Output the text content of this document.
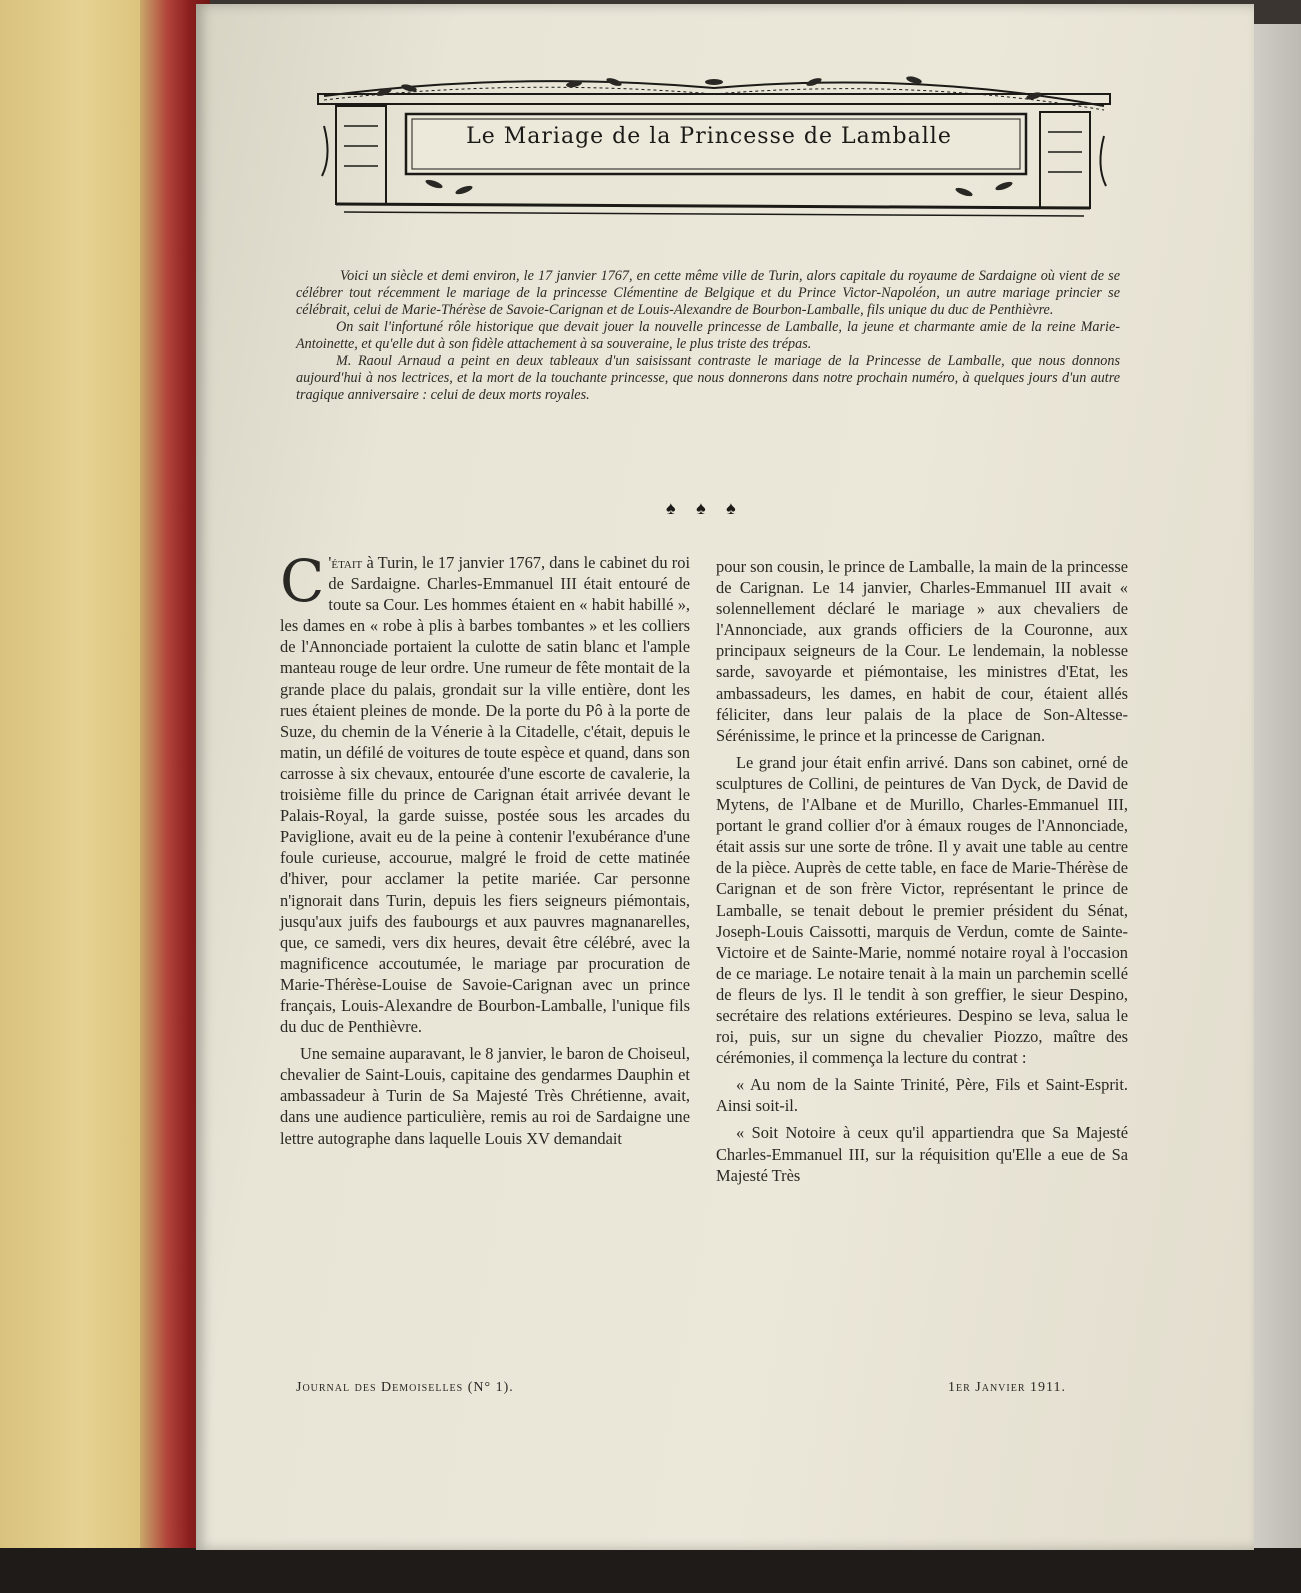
Le Mariage de la Princesse de Lamballe

Voici un siècle et demi environ, le 17 janvier 1767, en cette même ville de Turin, alors capitale du royaume de Sardaigne où vient de se célébrer tout récemment le mariage de la princesse Clémentine de Belgique et du Prince Victor-Napoléon, un autre mariage princier se célébrait, celui de Marie-Thérèse de Savoie-Carignan et de Louis-Alexandre de Bourbon-Lamballe, fils unique du duc de Penthièvre.

On sait l'infortuné rôle historique que devait jouer la nouvelle princesse de Lamballe, la jeune et charmante amie de la reine Marie-Antoinette, et qu'elle dut à son fidèle attachement à sa souveraine, le plus triste des trépas.

M. Raoul Arnaud a peint en deux tableaux d'un saisissant contraste le mariage de la Princesse de Lamballe, que nous donnons aujourd'hui à nos lectrices, et la mort de la touchante princesse, que nous donnerons dans notre prochain numéro, à quelques jours d'un autre tragique anniversaire : celui de deux morts royales.

♠ ♠ ♠

C 'était à Turin, le 17 janvier 1767, dans le cabinet du roi de Sardaigne. Charles-Emmanuel III était entouré de toute sa Cour. Les hommes étaient en « habit habillé », les dames en « robe à plis à barbes tombantes » et les colliers de l'Annonciade portaient la culotte de satin blanc et l'ample manteau rouge de leur ordre. Une rumeur de fête montait de la grande place du palais, grondait sur la ville entière, dont les rues étaient pleines de monde. De la porte du Pô à la porte de Suze, du chemin de la Vénerie à la Citadelle, c'était, depuis le matin, un défilé de voitures de toute espèce et quand, dans son carrosse à six chevaux, entourée d'une escorte de cavalerie, la troisième fille du prince de Carignan était arrivée devant le Palais-Royal, la garde suisse, postée sous les arcades du Paviglione, avait eu de la peine à contenir l'exubérance d'une foule curieuse, accourue, malgré le froid de cette matinée d'hiver, pour acclamer la petite mariée. Car personne n'ignorait dans Turin, depuis les fiers seigneurs piémontais, jusqu'aux juifs des faubourgs et aux pauvres magnanarelles, que, ce samedi, vers dix heures, devait être célébré, avec la magnificence accoutumée, le mariage par procuration de Marie-Thérèse-Louise de Savoie-Carignan avec un prince français, Louis-Alexandre de Bourbon-Lamballe, l'unique fils du duc de Penthièvre.

Une semaine auparavant, le 8 janvier, le baron de Choiseul, chevalier de Saint-Louis, capitaine des gendarmes Dauphin et ambassadeur à Turin de Sa Majesté Très Chrétienne, avait, dans une audience particulière, remis au roi de Sardaigne une lettre autographe dans laquelle Louis XV demandait

pour son cousin, le prince de Lamballe, la main de la princesse de Carignan. Le 14 janvier, Charles-Emmanuel III avait « solennellement déclaré le mariage » aux chevaliers de l'Annonciade, aux grands officiers de la Couronne, aux principaux seigneurs de la Cour. Le lendemain, la noblesse sarde, savoyarde et piémontaise, les ministres d'Etat, les ambassadeurs, les dames, en habit de cour, étaient allés féliciter, dans leur palais de la place de Son-Altesse-Sérénissime, le prince et la princesse de Carignan.

Le grand jour était enfin arrivé. Dans son cabinet, orné de sculptures de Collini, de peintures de Van Dyck, de David de Mytens, de l'Albane et de Murillo, Charles-Emmanuel III, portant le grand collier d'or à émaux rouges de l'Annonciade, était assis sur une sorte de trône. Il y avait une table au centre de la pièce. Auprès de cette table, en face de Marie-Thérèse de Carignan et de son frère Victor, représentant le prince de Lamballe, se tenait debout le premier président du Sénat, Joseph-Louis Caissotti, marquis de Verdun, comte de Sainte-Victoire et de Sainte-Marie, nommé notaire royal à l'occasion de ce mariage. Le notaire tenait à la main un parchemin scellé de fleurs de lys. Il le tendit à son greffier, le sieur Despino, secrétaire des relations extérieures. Despino se leva, salua le roi, puis, sur un signe du chevalier Piozzo, maître des cérémonies, il commença la lecture du contrat :

« Au nom de la Sainte Trinité, Père, Fils et Saint-Esprit. Ainsi soit-il.

« Soit Notoire à ceux qu'il appartiendra que Sa Majesté Charles-Emmanuel III, sur la réquisition qu'Elle a eue de Sa Majesté Très

Journal des Demoiselles (N° 1).	1er Janvier 1911.
